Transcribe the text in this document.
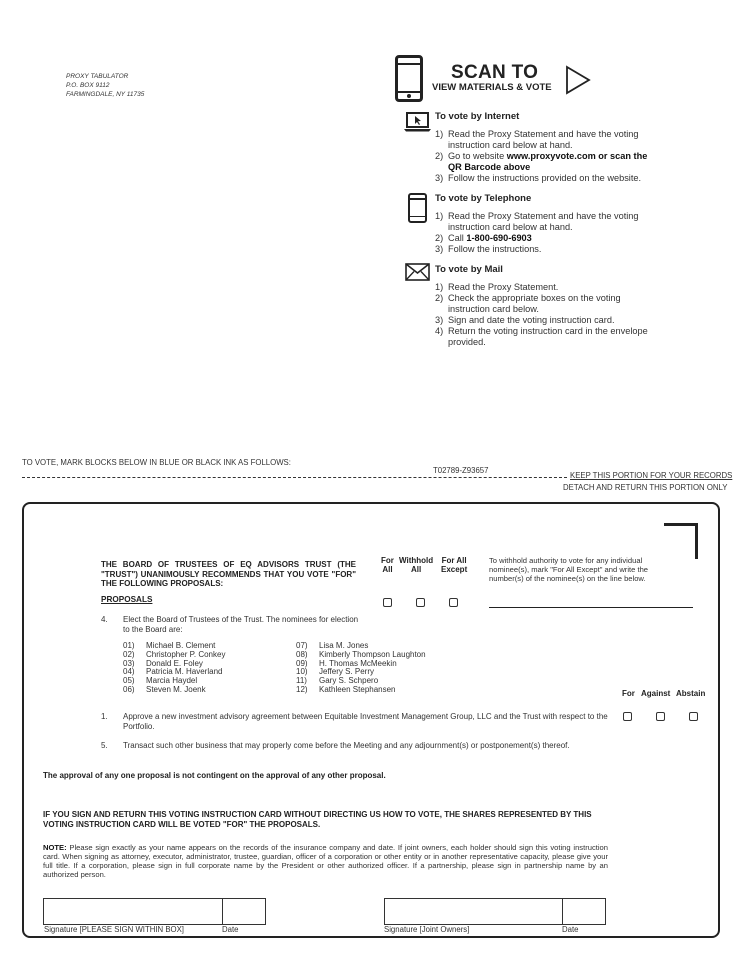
PROXY TABULATOR
P.O. BOX 9112
FARMINGDALE, NY 11735
SCAN TO
VIEW MATERIALS & VOTE
To vote by Internet
1) Read the Proxy Statement and have the voting instruction card below at hand.
2) Go to website www.proxyvote.com or scan the QR Barcode above
3) Follow the instructions provided on the website.
To vote by Telephone
1) Read the Proxy Statement and have the voting instruction card below at hand.
2) Call 1-800-690-6903
3) Follow the instructions.
To vote by Mail
1) Read the Proxy Statement.
2) Check the appropriate boxes on the voting instruction card below.
3) Sign and date the voting instruction card.
4) Return the voting instruction card in the envelope provided.
TO VOTE, MARK BLOCKS BELOW IN BLUE OR BLACK INK AS FOLLOWS:
T02789-Z93657
KEEP THIS PORTION FOR YOUR RECORDS
DETACH AND RETURN THIS PORTION ONLY
THE BOARD OF TRUSTEES OF EQ ADVISORS TRUST (THE "TRUST") UNANIMOUSLY RECOMMENDS THAT YOU VOTE "FOR" THE FOLLOWING PROPOSALS:
For
All
Withhold
All
For All
Except
To withhold authority to vote for any individual nominee(s), mark "For All Except" and write the number(s) of the nominee(s) on the line below.
PROPOSALS
4. Elect the Board of Trustees of the Trust. The nominees for election to the Board are:
01) Michael B. Clement
02) Christopher P. Conkey
03) Donald E. Foley
04) Patricia M. Haverland
05) Marcia Haydel
06) Steven M. Joenk
07) Lisa M. Jones
08) Kimberly Thompson Laughton
09) H. Thomas McMeekin
10) Jeffery S. Perry
11) Gary S. Schpero
12) Kathleen Stephansen	For Against Abstain
1. Approve a new investment advisory agreement between Equitable Investment Management Group, LLC and the Trust with respect to the Portfolio.
5. Transact such other business that may properly come before the Meeting and any adjournment(s) or postponement(s) thereof.
The approval of any one proposal is not contingent on the approval of any other proposal.
IF YOU SIGN AND RETURN THIS VOTING INSTRUCTION CARD WITHOUT DIRECTING US HOW TO VOTE, THE SHARES REPRESENTED BY THIS VOTING INSTRUCTION CARD WILL BE VOTED "FOR" THE PROPOSALS.
NOTE: Please sign exactly as your name appears on the records of the insurance company and date. If joint owners, each holder should sign this voting instruction card. When signing as attorney, executor, administrator, trustee, guardian, officer of a corporation or other entity or in another representative capacity, please give your full title. If a corporation, please sign in full corporate name by the President or other authorized officer. If a partnership, please sign in partnership name by an authorized person.
Signature [PLEASE SIGN WITHIN BOX]	Date	Signature [Joint Owners]	Date
